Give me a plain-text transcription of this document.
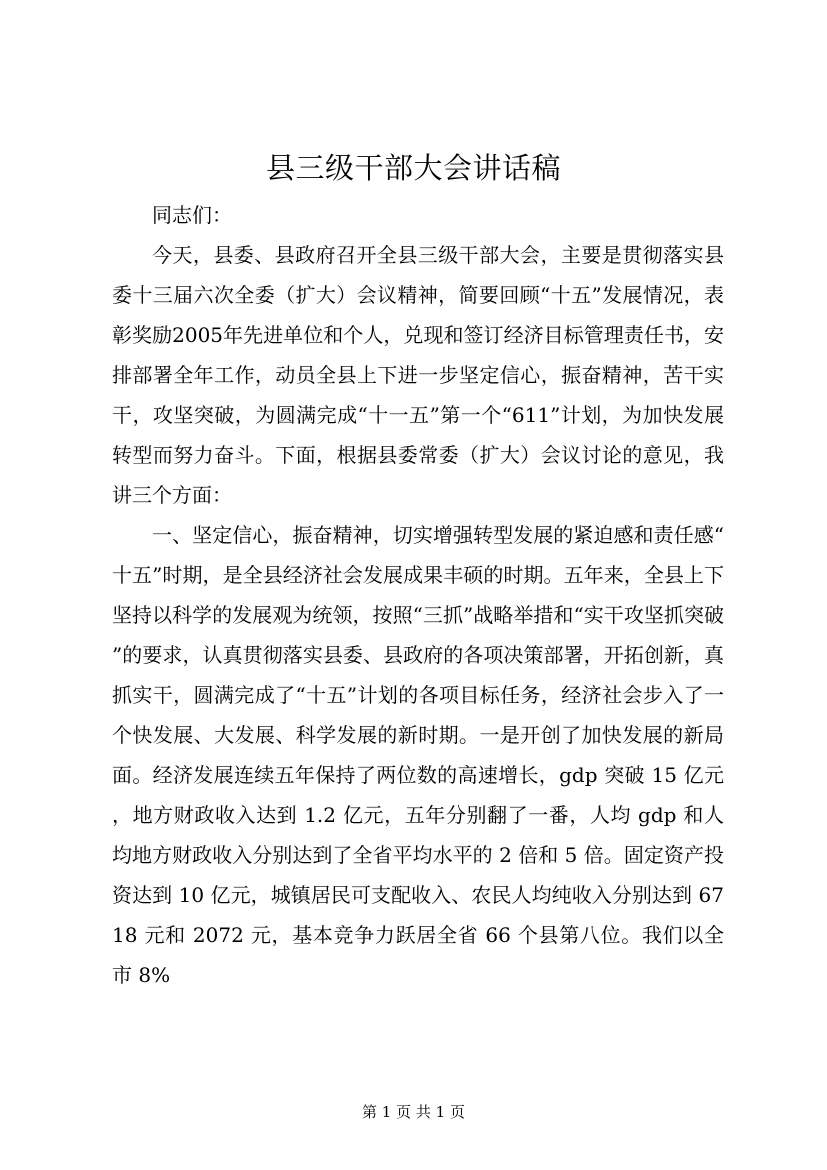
县三级干部大会讲话稿

同志们：

今天，县委、县政府召开全县三级干部大会，主要是贯彻落实县委十三届六次全委（扩大）会议精神，简要回顾“十五”发展情况，表彰奖励2005年先进单位和个人，兑现和签订经济目标管理责任书，安排部署全年工作，动员全县上下进一步坚定信心，振奋精神，苦干实干，攻坚突破，为圆满完成“十一五”第一个“611”计划，为加快发展转型而努力奋斗。下面，根据县委常委（扩大）会议讨论的意见，我讲三个方面：

一、坚定信心，振奋精神，切实增强转型发展的紧迫感和责任感“十五”时期，是全县经济社会发展成果丰硕的时期。五年来，全县上下坚持以科学的发展观为统领，按照“三抓”战略举措和“实干攻坚抓突破”的要求，认真贯彻落实县委、县政府的各项决策部署，开拓创新，真抓实干，圆满完成了“十五”计划的各项目标任务，经济社会步入了一个快发展、大发展、科学发展的新时期。一是开创了加快发展的新局面。经济发展连续五年保持了两位数的高速增长，gdp 突破 15 亿元，地方财政收入达到 1.2 亿元，五年分别翻了一番，人均 gdp 和人均地方财政收入分别达到了全省平均水平的 2 倍和 5 倍。固定资产投资达到 10 亿元，城镇居民可支配收入、农民人均纯收入分别达到 6718 元和 2072 元，基本竞争力跃居全省 66 个县第八位。我们以全市 8%

第 1 页 共 1 页
